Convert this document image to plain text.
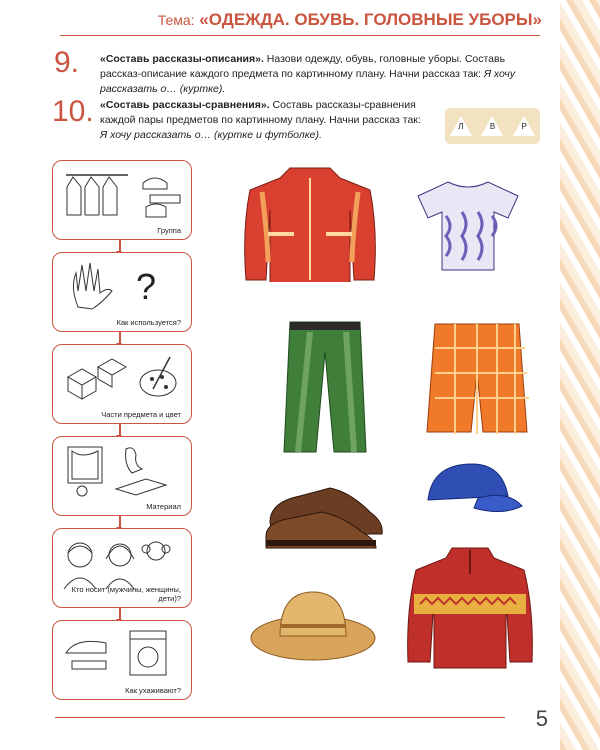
Тема: «ОДЕЖДА. ОБУВЬ. ГОЛОВНЫЕ УБОРЫ»
9. «Составь рассказы-описания». Назови одежду, обувь, головные уборы. Составь рассказ-описание каждого предмета по картинному плану. Начни рассказ так: Я хочу рассказать о… (куртке).
10. «Составь рассказы-сравнения». Составь рассказы-сравнения каждой пары предметов по картинному плану. Начни рассказ так: Я хочу рассказать о… (куртке и футболке).
Л	В	Р
Группа
?
Как используется?
Части предмета и цвет
Материал
Кто носит (мужчины, женщины, дети)?
Как ухаживают?
5
